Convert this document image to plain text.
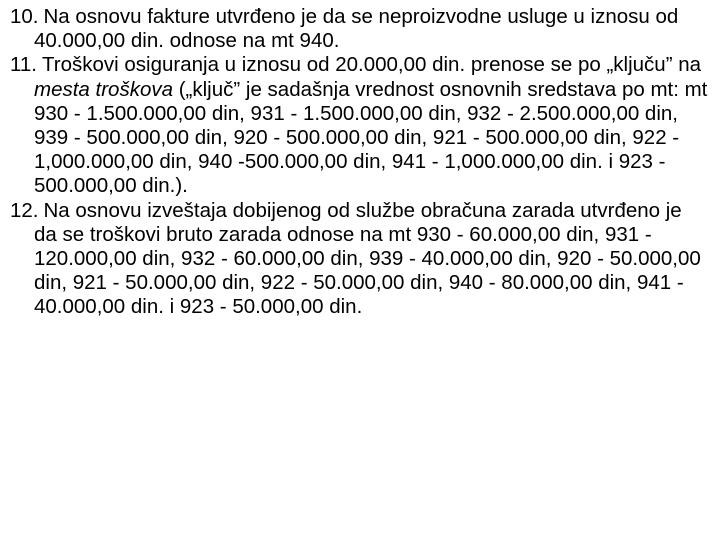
10. Na osnovu fakture utvrđeno je da se neproizvodne usluge u iznosu od 40.000,00 din. odnose na mt 940.
11. Troškovi osiguranja u iznosu od 20.000,00 din. prenose se po „ključu” na mesta troškova („ključ” je sadašnja vrednost osnovnih sredstava po mt: mt 930 - 1.500.000,00 din, 931 - 1.500.000,00 din, 932 - 2.500.000,00 din, 939 - 500.000,00 din, 920 - 500.000,00 din, 921 - 500.000,00 din, 922 - 1,000.000,00 din, 940 -500.000,00 din, 941 - 1,000.000,00 din. i 923 - 500.000,00 din.).
12. Na osnovu izveštaja dobijenog od službe obračuna zarada utvrđeno je da se troškovi bruto zarada odnose na mt 930 - 60.000,00 din, 931 - 120.000,00 din, 932 - 60.000,00 din, 939 - 40.000,00 din, 920 - 50.000,00 din, 921 - 50.000,00 din, 922 - 50.000,00 din, 940 - 80.000,00 din, 941 - 40.000,00 din. i 923 - 50.000,00 din.
